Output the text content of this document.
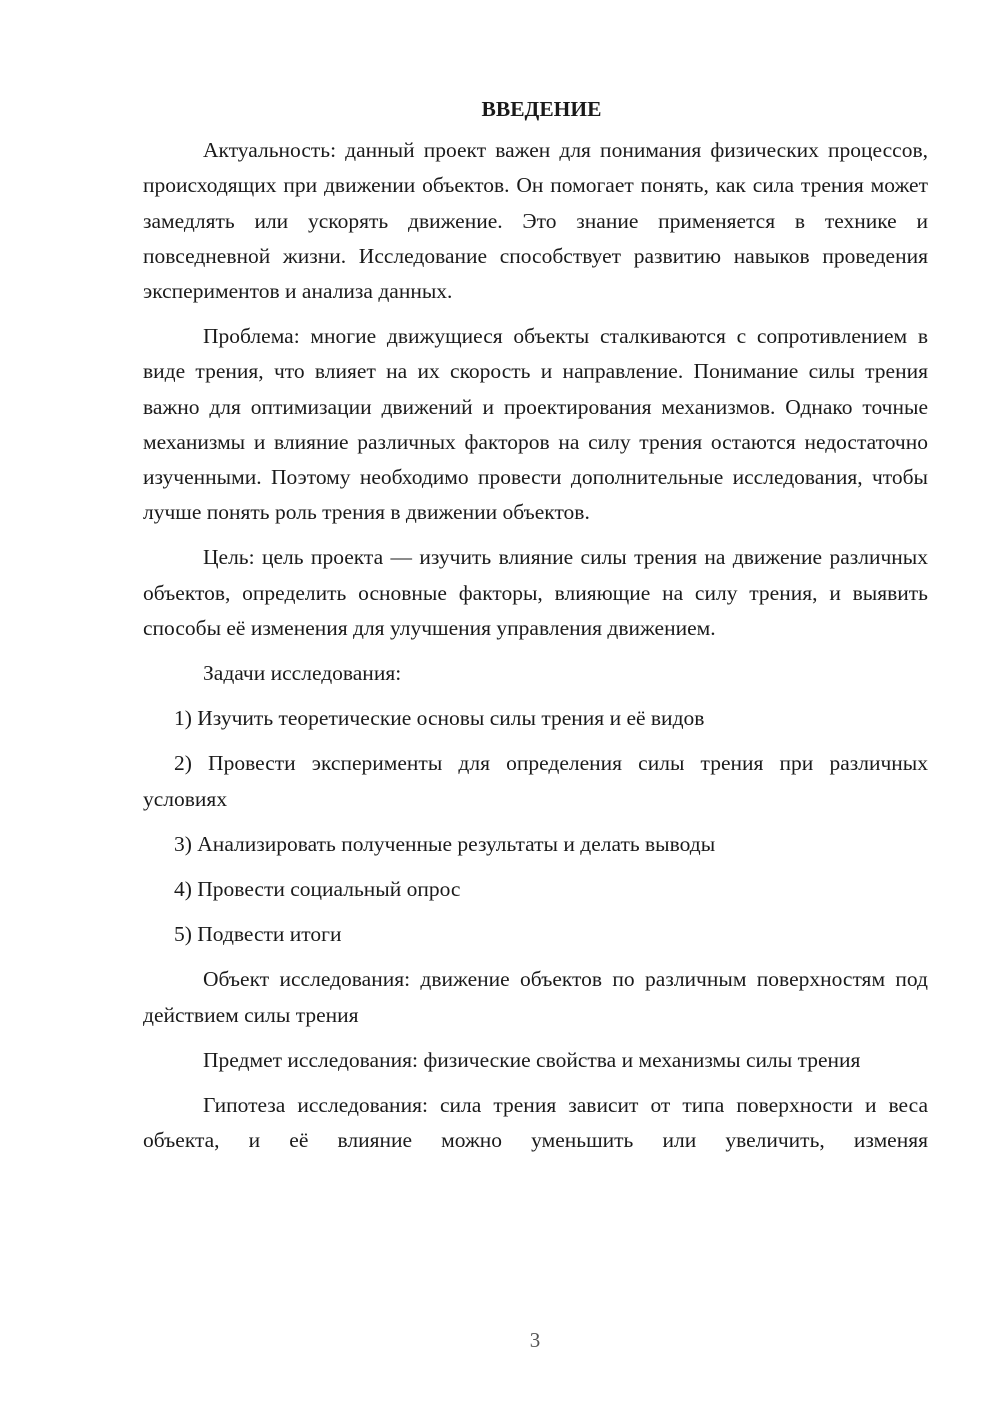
ВВЕДЕНИЕ

Актуальность: данный проект важен для понимания физических процессов, происходящих при движении объектов. Он помогает понять, как сила трения может замедлять или ускорять движение. Это знание применяется в технике и повседневной жизни. Исследование способствует развитию навыков проведения экспериментов и анализа данных.

Проблема: многие движущиеся объекты сталкиваются с сопротивлением в виде трения, что влияет на их скорость и направление. Понимание силы трения важно для оптимизации движений и проектирования механизмов. Однако точные механизмы и влияние различных факторов на силу трения остаются недостаточно изученными. Поэтому необходимо провести дополнительные исследования, чтобы лучше понять роль трения в движении объектов.

Цель: цель проекта — изучить влияние силы трения на движение различных объектов, определить основные факторы, влияющие на силу трения, и выявить способы её изменения для улучшения управления движением.

Задачи исследования:

1) Изучить теоретические основы силы трения и её видов

2) Провести эксперименты для определения силы трения при различных условиях

3) Анализировать полученные результаты и делать выводы

4) Провести социальный опрос

5) Подвести итоги

Объект исследования: движение объектов по различным поверхностям под действием силы трения

Предмет исследования: физические свойства и механизмы силы трения

Гипотеза исследования: сила трения зависит от типа поверхности и веса объекта, и её влияние можно уменьшить или увеличить, изменяя

3
